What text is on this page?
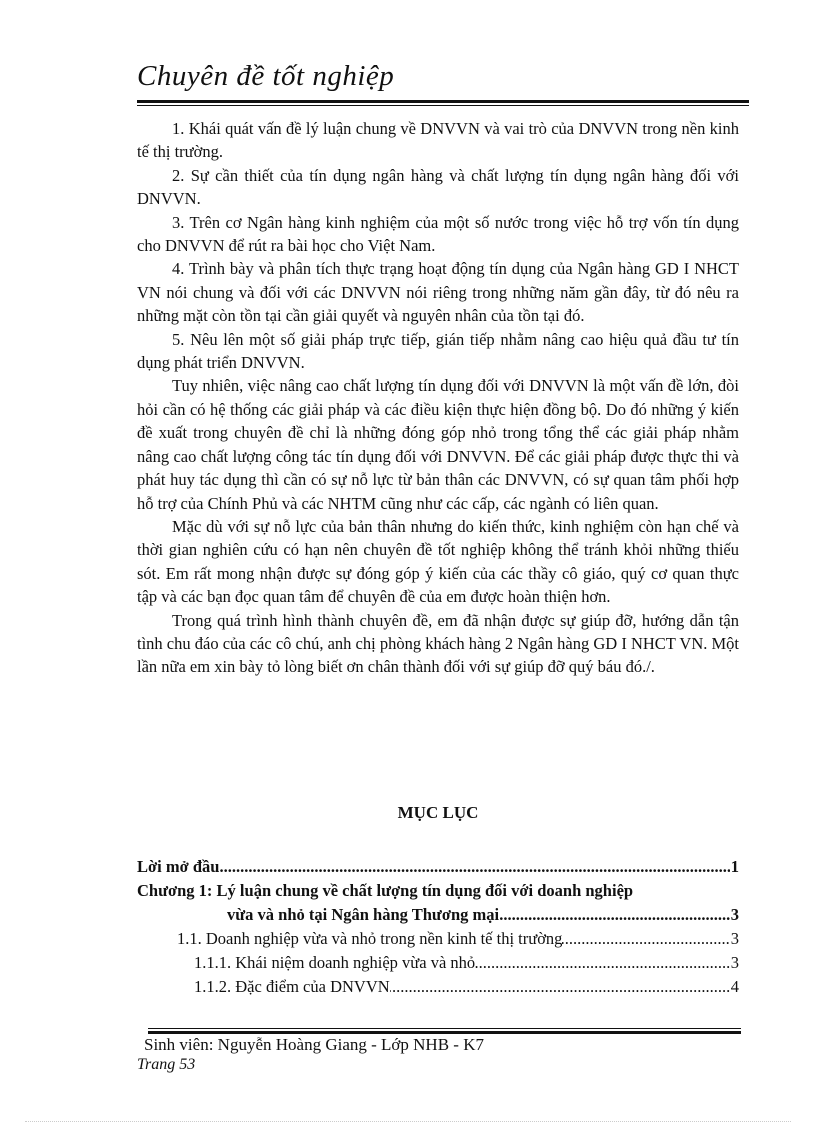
Chuyên đề tốt nghiệp

1. Khái quát vấn đề lý luận chung về DNVVN và vai trò của DNVVN trong nền kinh tế thị trường.

2. Sự cần thiết của tín dụng ngân hàng và chất lượng tín dụng ngân hàng đối với DNVVN.

3. Trên cơ Ngân hàng kinh nghiệm của một số nước trong việc hỗ trợ vốn tín dụng cho DNVVN để rút ra bài học cho Việt Nam.

4. Trình bày và phân tích thực trạng hoạt động tín dụng của Ngân hàng GD I NHCT VN nói chung và đối với các DNVVN nói riêng trong những năm gần đây, từ đó nêu ra những mặt còn tồn tại cần giải quyết và nguyên nhân của tồn tại đó.

5. Nêu lên một số giải pháp trực tiếp, gián tiếp nhằm nâng cao hiệu quả đầu tư tín dụng phát triển DNVVN.

Tuy nhiên, việc nâng cao chất lượng tín dụng đối với DNVVN là một vấn đề lớn, đòi hỏi cần có hệ thống các giải pháp và các điều kiện thực hiện đồng bộ. Do đó những ý kiến đề xuất trong chuyên đề chỉ là những đóng góp nhỏ trong tổng thể các giải pháp nhằm nâng cao chất lượng công tác tín dụng đối với DNVVN. Để các giải pháp được thực thi và phát huy tác dụng thì cần có sự nỗ lực từ bản thân các DNVVN, có sự quan tâm phối hợp hỗ trợ của Chính Phủ và các NHTM cũng như các cấp, các ngành có liên quan.

Mặc dù với sự nỗ lực của bản thân nhưng do kiến thức, kinh nghiệm còn hạn chế và thời gian nghiên cứu có hạn nên chuyên đề tốt nghiệp không thể tránh khỏi những thiếu sót. Em rất mong nhận được sự đóng góp ý kiến của các thầy cô giáo, quý cơ quan thực tập và các bạn đọc quan tâm để chuyên đề của em được hoàn thiện hơn.

Trong quá trình hình thành chuyên đề, em đã nhận được sự giúp đỡ, hướng dẫn tận tình chu đáo của các cô chú, anh chị phòng khách hàng 2 Ngân hàng GD I NHCT VN. Một lần nữa em xin bày tỏ lòng biết ơn chân thành đối với sự giúp đỡ quý báu đó./.

MỤC LỤC
.....
Lời mở đầu	1
Chương 1: Lý luận chung về chất lượng tín dụng đối với doanh nghiệp
.....
vừa và nhỏ tại Ngân hàng Thương mại	3
.....
1.1. Doanh nghiệp vừa và nhỏ trong nền kinh tế thị trường	3
.....
1.1.1. Khái niệm doanh nghiệp vừa và nhỏ	3
.....
1.1.2. Đặc điểm của DNVVN	4
Sinh viên: Nguyễn Hoàng Giang - Lớp NHB - K7
Trang 53
